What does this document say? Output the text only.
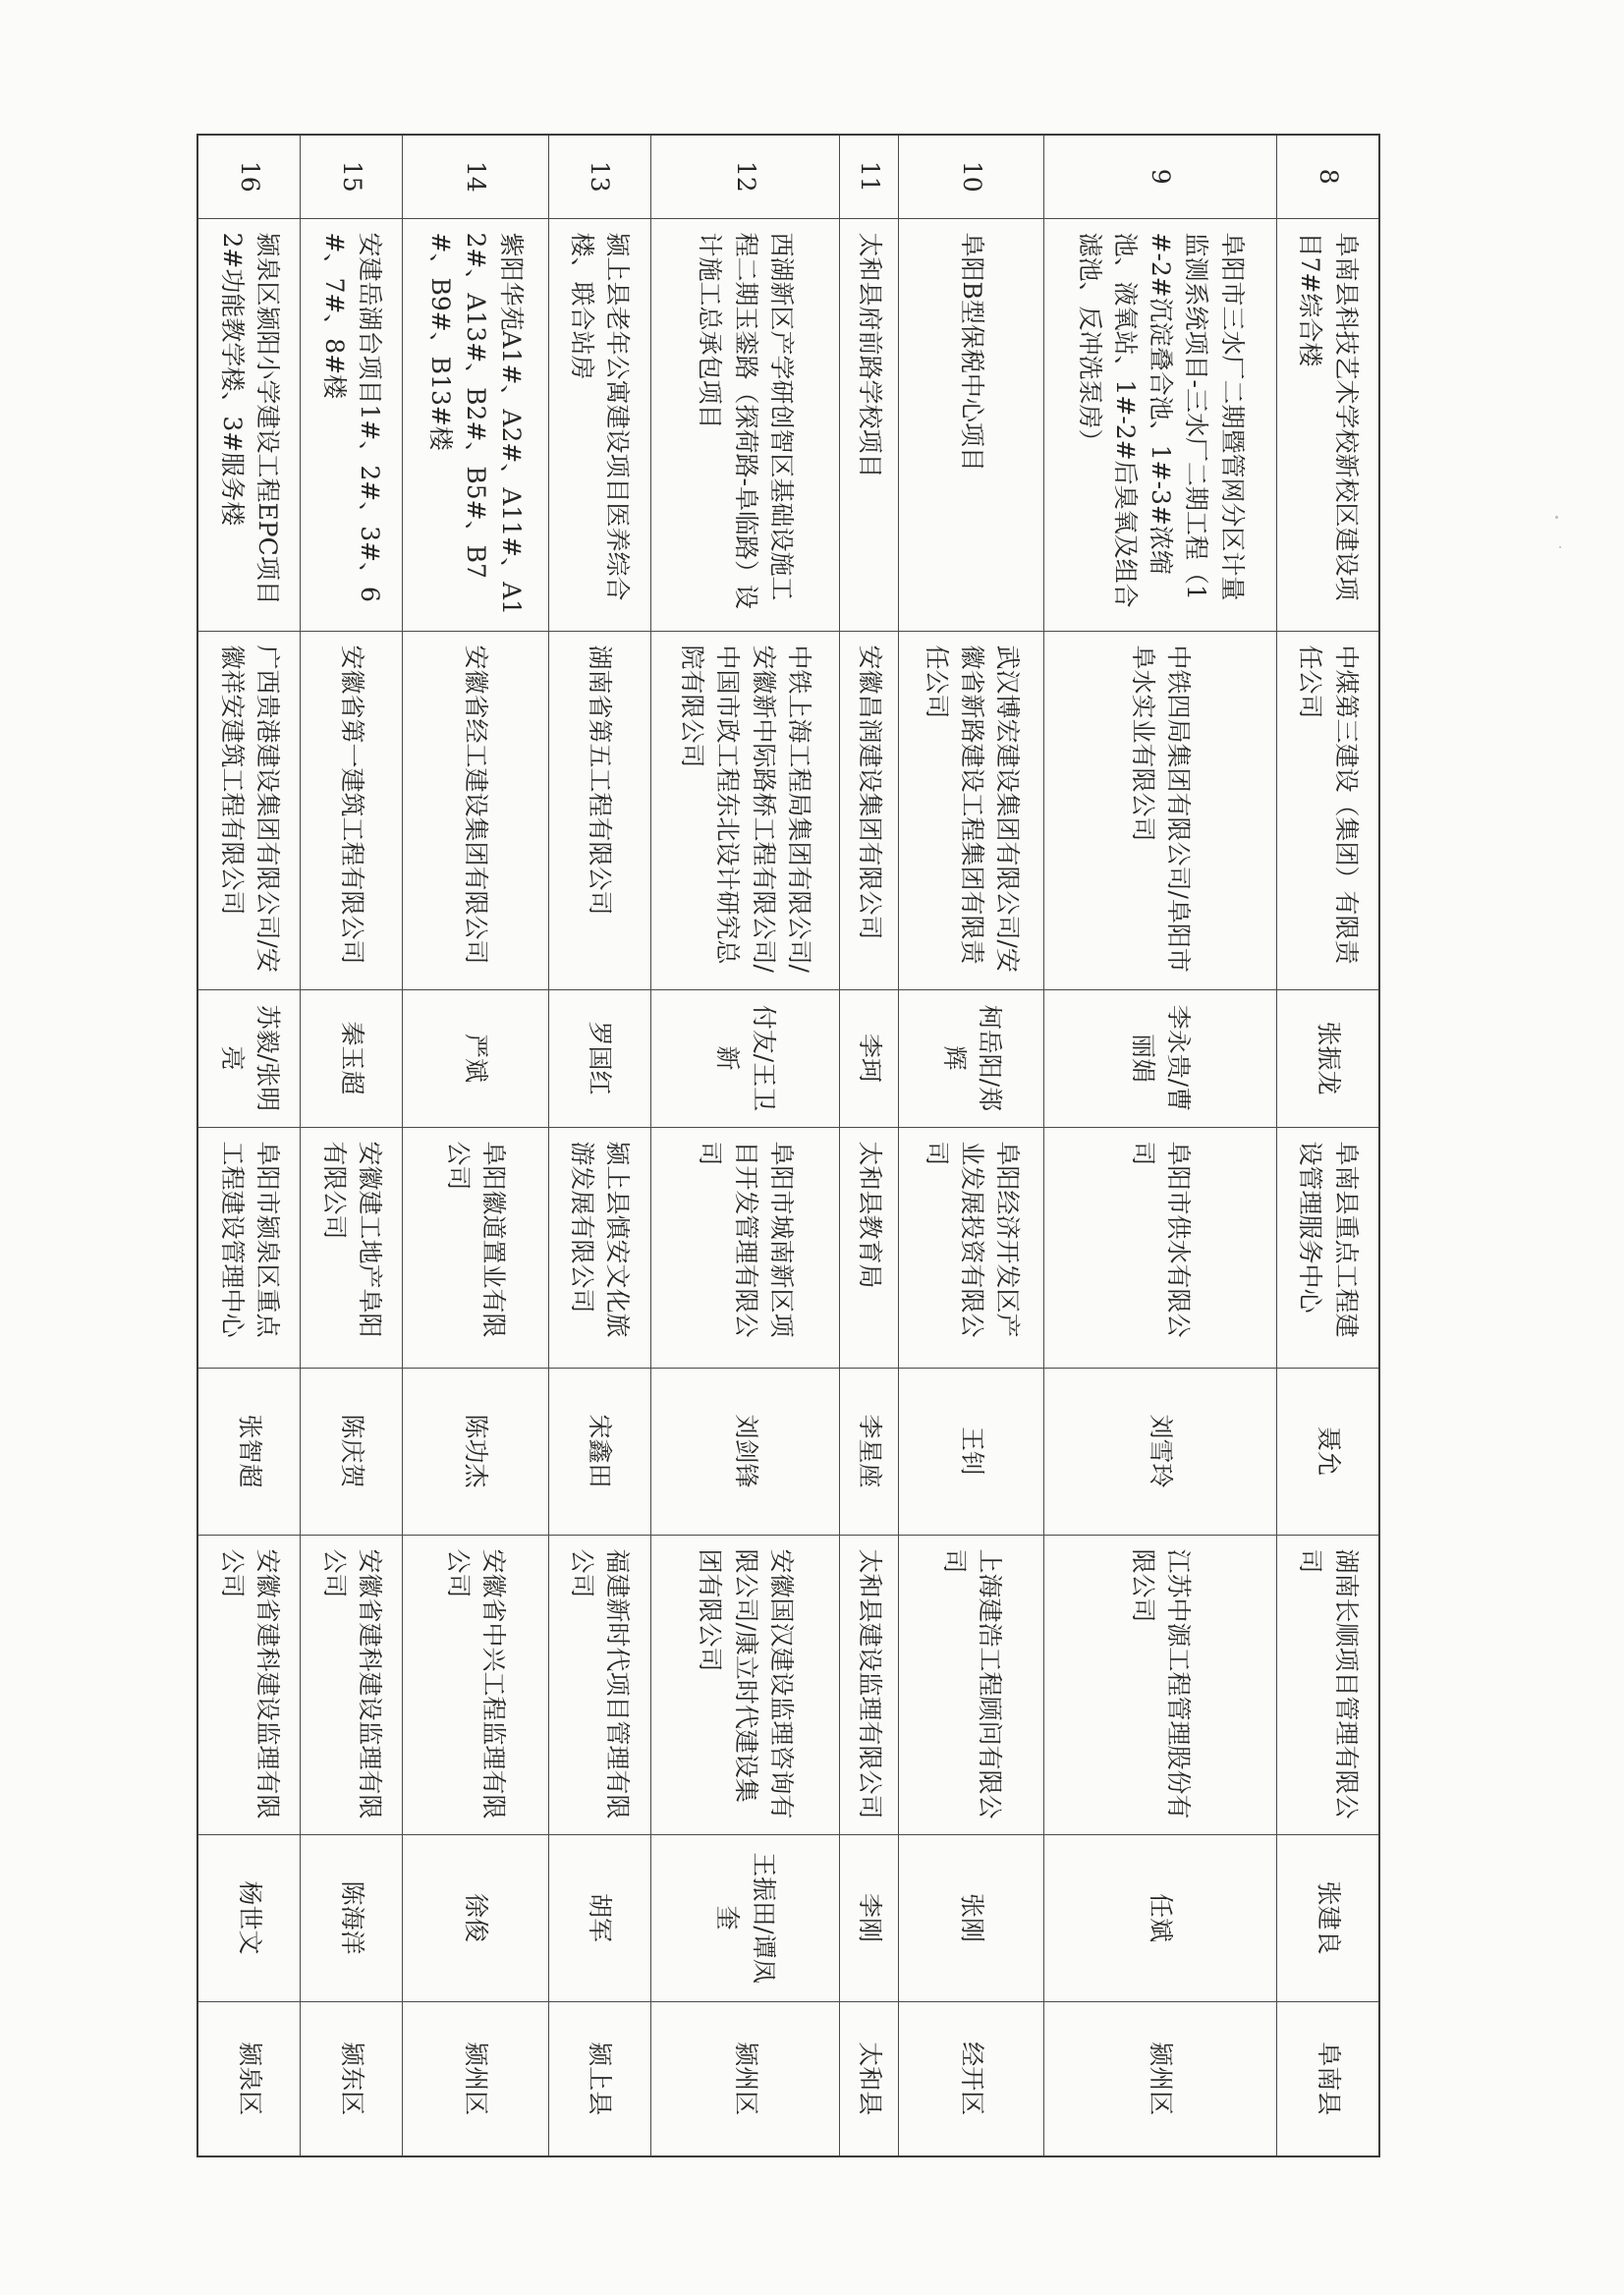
8	阜南县科技艺术学校新校区建设项目7#综合楼	中煤第三建设（集团）有限责任公司	张振龙	阜南县重点工程建设管理服务中心	聂允	湖南长顺项目管理有限公司	张建良	阜南县
9	阜阳市三水厂二期暨管网分区计量监测系统项目-三水厂二期工程（1#-2#沉淀叠合池、1#-3#浓缩池、液氧站、1#-2#后臭氧及组合滤池、反冲洗泵房）	中铁四局集团有限公司/阜阳市阜水实业有限公司	李永贵/曹丽娟	阜阳市供水有限公司	刘雪玲	江苏中源工程管理股份有限公司	任斌	颍州区
10	阜阳B型保税中心项目	武汉博宏建设集团有限公司/安徽省新路建设工程集团有限责任公司	柯岳阳/郑辉	阜阳经济开发区产业发展投资有限公司	王钊	上海建浩工程顾问有限公司	张刚	经开区
11	太和县府前路学校项目	安徽昌润建设集团有限公司	李珂	太和县教育局	李星座	太和县建设监理有限公司	李刚	太和县
12	西湖新区产学研创智区基础设施工程二期玉銮路（探荷路-阜临路）设计施工总承包项目	中铁上海工程局集团有限公司/安徽新中际路桥工程有限公司/中国市政工程东北设计研究总院有限公司	付友/王卫新	阜阳市城南新区项目开发管理有限公司	刘剑锋	安徽国汉建设监理咨询有限公司/康立时代建设集团有限公司	王振田/谭凤奎	颍州区
13	颍上县老年公寓建设项目医养综合楼、联合站房	湖南省第五工程有限公司	罗国红	颍上县慎安文化旅游发展有限公司	宋鑫田	福建新时代项目管理有限公司	胡军	颍上县
14	紫阳华苑A1#、A2#、A11#、A12#、A13#、B2#、B5#、B7#、B9#、B13#楼	安徽省经工建设集团有限公司	严斌	阜阳徽道置业有限公司	陈功杰	安徽省中兴工程监理有限公司	徐俊	颍州区
15	安建岳湖台项目1#、2#、3#、6#、7#、8#楼	安徽省第一建筑工程有限公司	秦玉超	安徽建工地产阜阳有限公司	陈庆贺	安徽省建科建设监理有限公司	陈海洋	颍东区
16	颍泉区颍阳小学建设工程EPC项目2#功能教学楼、3#服务楼	广西贵港建设集团有限公司/安徽祥安建筑工程有限公司	苏毅/张明亮	阜阳市颍泉区重点工程建设管理中心	张智超	安徽省建科建设监理有限公司	杨世文	颍泉区
